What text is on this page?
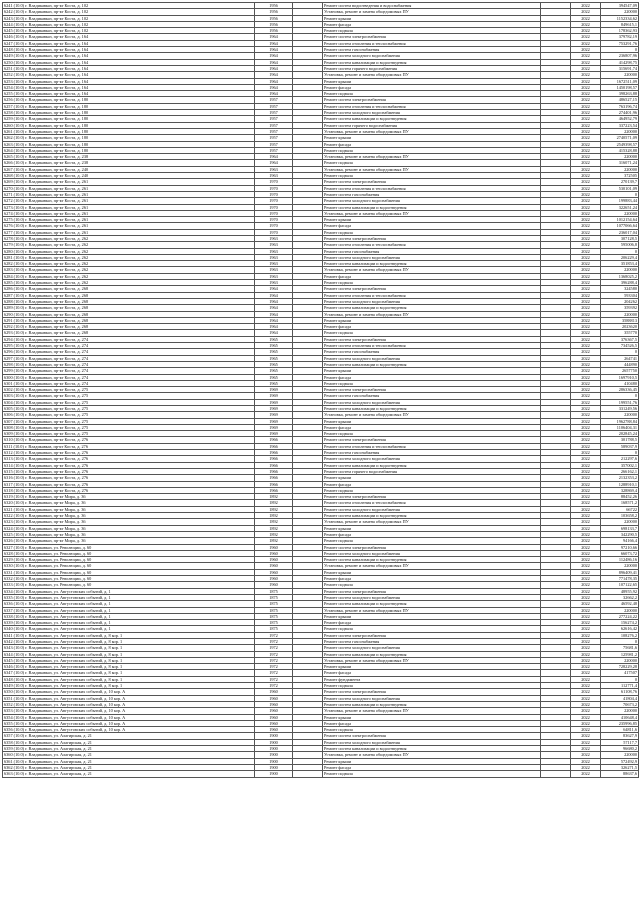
6241 (10.0) г. Владикавказ, пр-кт Коста, д. 102	1956		Ремонт систем водоотведения и водоснабжения		2022	394547,09
6242 (10.0) г. Владикавказ, пр-кт Коста, д. 102	1956		Установка, ремонт и замена общедомовых ПУ		2022	220000
6243 (10.0) г. Владикавказ, пр-кт Коста, д. 102	1956		Ремонт крыши		2022	1152334,62
6244 (10.0) г. Владикавказ, пр-кт Коста, д. 102	1956		Ремонт фасада		2022	849615,1
6245 (10.0) г. Владикавказ, пр-кт Коста, д. 102	1956		Ремонт подвала		2022	178362,93
6246 (10.0) г. Владикавказ, пр-кт Коста, д. 164	1964		Ремонт систем электроснабжения		2022	379782,19
6247 (10.0) г. Владикавказ, пр-кт Коста, д. 164	1964		Ремонт систем отопления и теплоснабжения		2022	753291,76
6248 (10.0) г. Владикавказ, пр-кт Коста, д. 164	1964		Ремонт систем газоснабжения		2022	0
6249 (10.0) г. Владикавказ, пр-кт Коста, д. 164	1964		Ремонт систем холодного водоснабжения		2022	236807,96
6250 (10.0) г. Владикавказ, пр-кт Коста, д. 164	1964		Ремонт систем канализации и водоотведения		2022	414298,75
6251 (10.0) г. Владикавказ, пр-кт Коста, д. 164	1964		Ремонт систем горячего водоснабжения		2022	315691,74
6252 (10.0) г. Владикавказ, пр-кт Коста, д. 164	1964		Установка, ремонт и замена общедомовых ПУ		2022	220000
6253 (10.0) г. Владикавказ, пр-кт Коста, д. 164	1964		Ремонт крыши		2022	1672511,09
6254 (10.0) г. Владикавказ, пр-кт Коста, д. 164	1964		Ремонт фасада		2022	1450198,57
6255 (10.0) г. Владикавказ, пр-кт Коста, д. 164	1964		Ремонт подвала		2022	398263,88
6256 (10.0) г. Владикавказ, пр-кт Коста, д. 180	1957		Ремонт систем электроснабжения		2022	486527,15
6257 (10.0) г. Владикавказ, пр-кт Коста, д. 180	1957		Ремонт систем отопления и теплоснабжения		2022	763196,74
6258 (10.0) г. Владикавказ, пр-кт Коста, д. 180	1957		Ремонт систем холодного водоснабжения		2022	274401,96
6259 (10.0) г. Владикавказ, пр-кт Коста, д. 180	1957		Ремонт систем канализации и водоотведения		2022	464952,79
6260 (10.0) г. Владикавказ, пр-кт Коста, д. 180	1957		Ремонт систем горячего водоснабжения		2022	337223,54
6261 (10.0) г. Владикавказ, пр-кт Коста, д. 180	1957		Установка, ремонт и замена общедомовых ПУ		2022	220000
6262 (10.0) г. Владикавказ, пр-кт Коста, д. 180	1957		Ремонт крыши		2022	2740571,09
6263 (10.0) г. Владикавказ, пр-кт Коста, д. 180	1957		Ремонт фасада		2022	2549398,57
6264 (10.0) г. Владикавказ, пр-кт Коста, д. 180	1957		Ремонт подвала		2022	415328,88
6265 (10.0) г. Владикавказ, пр-кт Коста, д. 238	1964		Установка, ремонт и замена общедомовых ПУ		2022	220000
6266 (10.0) г. Владикавказ, пр-кт Коста, д. 238	1964		Ремонт подвала		2022	316071,24
6267 (10.0) г. Владикавказ, пр-кт Коста, д. 240	1963		Установка, ремонт и замена общедомовых ПУ		2022	220000
6268 (10.0) г. Владикавказ, пр-кт Коста, д. 240	1963		Ремонт подвала		2022	372505
6269 (10.0) г. Владикавказ, пр-кт Коста, д. 261	1970		Ремонт систем электроснабжения		2022	270139,7
6270 (10.0) г. Владикавказ, пр-кт Коста, д. 261	1970		Ремонт систем отопления и теплоснабжения		2022	530101,09
6271 (10.0) г. Владикавказ, пр-кт Коста, д. 261	1970		Ремонт систем газоснабжения		2022	0
6272 (10.0) г. Владикавказ, пр-кт Коста, д. 261	1970		Ремонт систем холодного водоснабжения		2022	199883,44
6273 (10.0) г. Владикавказ, пр-кт Коста, д. 261	1970		Ремонт систем канализации и водоотведения		2022	322651,24
6274 (10.0) г. Владикавказ, пр-кт Коста, д. 261	1970		Установка, ремонт и замена общедомовых ПУ		2022	220000
6275 (10.0) г. Владикавказ, пр-кт Коста, д. 261	1970		Ремонт крыши		2022	1012154,64
6276 (10.0) г. Владикавказ, пр-кт Коста, д. 261	1970		Ремонт фасада		2022	1077066,64
6277 (10.0) г. Владикавказ, пр-кт Коста, д. 261	1970		Ремонт подвала		2022	236017,04
6278 (10.0) г. Владикавказ, пр-кт Коста, д. 262	1963		Ремонт систем электроснабжения		2022	307128,5
6279 (10.0) г. Владикавказ, пр-кт Коста, д. 262	1963		Ремонт систем отопления и теплоснабжения		2022	595006,8
6280 (10.0) г. Владикавказ, пр-кт Коста, д. 262	1963		Ремонт систем газоснабжения		2022	0
6281 (10.0) г. Владикавказ, пр-кт Коста, д. 262	1963		Ремонт систем холодного водоснабжения		2022	206229,4
6282 (10.0) г. Владикавказ, пр-кт Коста, д. 262	1963		Ремонт систем канализации и водоотведения		2022	351853,4
6283 (10.0) г. Владикавказ, пр-кт Коста, д. 262	1963		Установка, ремонт и замена общедомовых ПУ		2022	220000
6284 (10.0) г. Владикавказ, пр-кт Коста, д. 262	1963		Ремонт фасада		2022	1368025,2
6285 (10.0) г. Владикавказ, пр-кт Коста, д. 262	1963		Ремонт подвала		2022	396288,4
6286 (10.0) г. Владикавказ, пр-кт Коста, д. 268	1964		Ремонт систем электроснабжения		2022	324580
6287 (10.0) г. Владикавказ, пр-кт Коста, д. 268	1964		Ремонт систем отопления и теплоснабжения		2022	593304
6288 (10.0) г. Владикавказ, пр-кт Коста, д. 268	1964		Ремонт систем холодного водоснабжения		2022	204262
6289 (10.0) г. Владикавказ, пр-кт Коста, д. 268	1964		Ремонт систем канализации и водоотведения		2022	359392
6290 (10.0) г. Владикавказ, пр-кт Коста, д. 268	1964		Установка, ремонт и замена общедомовых ПУ		2022	220000
6291 (10.0) г. Владикавказ, пр-кт Коста, д. 268	1964		Ремонт крыши		2022	3588813
6292 (10.0) г. Владикавказ, пр-кт Коста, д. 268	1964		Ремонт фасада		2022	2023620
6293 (10.0) г. Владикавказ, пр-кт Коста, д. 268	1964		Ремонт подвала		2022	355770
6294 (10.0) г. Владикавказ, пр-кт Коста, д. 274	1965		Ремонт систем электроснабжения		2022	376367,5
6295 (10.0) г. Владикавказ, пр-кт Коста, д. 274	1965		Ремонт систем отопления и теплоснабжения		2022	734526,5
6296 (10.0) г. Владикавказ, пр-кт Коста, д. 274	1965		Ремонт систем газоснабжения		2022	0
6297 (10.0) г. Владикавказ, пр-кт Коста, д. 274	1965		Ремонт систем холодного водоснабжения		2022	264741
6298 (10.0) г. Владикавказ, пр-кт Коста, д. 274	1965		Ремонт систем канализации и водоотведения		2022	444890
6299 (10.0) г. Владикавказ, пр-кт Коста, д. 274	1965		Ремонт крыши		2022	2657750
6300 (10.0) г. Владикавказ, пр-кт Коста, д. 274	1965		Ремонт фасада		2022	1697910,5
6301 (10.0) г. Владикавказ, пр-кт Коста, д. 274	1965		Ремонт подвала		2022	410480
6302 (10.0) г. Владикавказ, пр-кт Коста, д. 275	1969		Ремонт систем электроснабжения		2022	286336,45
6303 (10.0) г. Владикавказ, пр-кт Коста, д. 275	1969		Ремонт систем газоснабжения		2022	0
6304 (10.0) г. Владикавказ, пр-кт Коста, д. 275	1969		Ремонт систем холодного водоснабжения		2022	199551,76
6305 (10.0) г. Владикавказ, пр-кт Коста, д. 275	1969		Ремонт систем канализации и водоотведения		2022	331249,56
6306 (10.0) г. Владикавказ, пр-кт Коста, д. 275	1969		Установка, ремонт и замена общедомовых ПУ		2022	220000
6307 (10.0) г. Владикавказ, пр-кт Коста, д. 275	1969		Ремонт крыши		2022	1962788,84
6308 (10.0) г. Владикавказ, пр-кт Коста, д. 275	1969		Ремонт фасада		2022	1106404,31
6309 (10.0) г. Владикавказ, пр-кт Коста, д. 275	1969		Ремонт подвала		2022	202845,24
6310 (10.0) г. Владикавказ, пр-кт Коста, д. 276	1966		Ремонт систем электроснабжения		2022	301788,5
6311 (10.0) г. Владикавказ, пр-кт Коста, д. 276	1966		Ремонт систем отопления и теплоснабжения		2022	589037,9
6312 (10.0) г. Владикавказ, пр-кт Коста, д. 276	1966		Ремонт систем газоснабжения		2022	0
6313 (10.0) г. Владикавказ, пр-кт Коста, д. 276	1966		Ремонт систем холодного водоснабжения		2022	212297,6
6314 (10.0) г. Владикавказ, пр-кт Коста, д. 276	1966		Ремонт систем канализации и водоотведения		2022	357002,1
6315 (10.0) г. Владикавказ, пр-кт Коста, д. 276	1966		Ремонт систем горячего водоснабжения		2022	266162,1
6316 (10.0) г. Владикавказ, пр-кт Коста, д. 276	1966		Ремонт крыши		2022	2132353,2
6317 (10.0) г. Владикавказ, пр-кт Коста, д. 276	1966		Ремонт фасада		2022	1288910,1
6318 (10.0) г. Владикавказ, пр-кт Коста, д. 276	1966		Ремонт подвала		2022	328869,4
6319 (10.0) г. Владикавказ, пр-кт Мира, д. 36	1892		Ремонт систем электроснабжения		2022	88452,26
6320 (10.0) г. Владикавказ, пр-кт Мира, д. 36	1892		Ремонт систем отопления и теплоснабжения		2022	168571,2
6321 (10.0) г. Владикавказ, пр-кт Мира, д. 36	1892		Ремонт систем холодного водоснабжения		2022	66722
6322 (10.0) г. Владикавказ, пр-кт Мира, д. 36	1892		Ремонт систем канализации и водоотведения		2022	103658,2
6323 (10.0) г. Владикавказ, пр-кт Мира, д. 36	1892		Установка, ремонт и замена общедомовых ПУ		2022	220000
6324 (10.0) г. Владикавказ, пр-кт Мира, д. 36	1892		Ремонт крыши		2022	698133,7
6325 (10.0) г. Владикавказ, пр-кт Мира, д. 36	1892		Ремонт фасада		2022	342290,5
6326 (10.0) г. Владикавказ, пр-кт Мира, д. 36	1892		Ремонт подвала		2022	94166,4
6327 (10.0) г. Владикавказ, ул. Революции, д. 60	1960		Ремонт систем электроснабжения		2022	97210,66
6328 (10.0) г. Владикавказ, ул. Революции, д. 60	1960		Ремонт систем холодного водоснабжения		2022	66073,72
6329 (10.0) г. Владикавказ, ул. Революции, д. 60	1960		Ремонт систем канализации и водоотведения		2022	112486,16
6330 (10.0) г. Владикавказ, ул. Революции, д. 60	1960		Установка, ремонт и замена общедомовых ПУ		2022	220000
6331 (10.0) г. Владикавказ, ул. Революции, д. 60	1960		Ремонт крыши		2022	896409,41
6332 (10.0) г. Владикавказ, ул. Революции, д. 60	1960		Ремонт фасада		2022	771478,35
6333 (10.0) г. Владикавказ, ул. Революции, д. 60	1960		Ремонт подвала		2022	107122,65
6334 (10.0) г. Владикавказ, ул. Августовских событий, д. 1	1875		Ремонт систем электроснабжения		2022	48955,92
6335 (10.0) г. Владикавказ, ул. Августовских событий, д. 1	1875		Ремонт систем холодного водоснабжения		2022	32662,2
6336 (10.0) г. Владикавказ, ул. Августовских событий, д. 1	1875		Ремонт систем канализации и водоотведения		2022	46592,48
6337 (10.0) г. Владикавказ, ул. Августовских событий, д. 1	1875		Установка, ремонт и замена общедомовых ПУ		2022	220000
6338 (10.0) г. Владикавказ, ул. Августовских событий, д. 1	1875		Ремонт крыши		2022	277224,22
6339 (10.0) г. Владикавказ, ул. Августовских событий, д. 1	1875		Ремонт фасада		2022	156274,2
6340 (10.0) г. Владикавказ, ул. Августовских событий, д. 1	1875		Ремонт подвала		2022	62616,42
6341 (10.0) г. Владикавказ, ул. Августовских событий, д. 8 кор. 1	1972		Ремонт систем электроснабжения		2022	108276,2
6342 (10.0) г. Владикавказ, ул. Августовских событий, д. 8 кор. 1	1972		Ремонт систем газоснабжения		2022	0
6343 (10.0) г. Владикавказ, ул. Августовских событий, д. 8 кор. 1	1972		Ремонт систем холодного водоснабжения		2022	75681,6
6344 (10.0) г. Владикавказ, ул. Августовских событий, д. 8 кор. 1	1972		Ремонт систем канализации и водоотведения		2022	125981,2
6345 (10.0) г. Владикавказ, ул. Августовских событий, д. 8 кор. 1	1972		Установка, ремонт и замена общедомовых ПУ		2022	220000
6346 (10.0) г. Владикавказ, ул. Августовских событий, д. 8 кор. 1	1972		Ремонт крыши		2022	728229,28
6347 (10.0) г. Владикавказ, ул. Августовских событий, д. 8 кор. 1	1972		Ремонт фасада		2022	417507
6348 (10.0) г. Владикавказ, ул. Августовских событий, д. 8 кор. 1	1972		Ремонт фундамента		2022	0
6349 (10.0) г. Владикавказ, ул. Августовских событий, д. 8 кор. 1	1972		Ремонт подвала		2022	112771,4
6350 (10.0) г. Владикавказ, ул. Августовских событий, д. 10 кор. А	1960		Ремонт систем электроснабжения		2022	61108,76
6351 (10.0) г. Владикавказ, ул. Августовских событий, д. 10 кор. А	1960		Ремонт систем холодного водоснабжения		2022	41804,4
6352 (10.0) г. Владикавказ, ул. Августовских событий, д. 10 кор. А	1960		Ремонт систем канализации и водоотведения		2022	70673,2
6353 (10.0) г. Владикавказ, ул. Августовских событий, д. 10 кор. А	1960		Установка, ремонт и замена общедомовых ПУ		2022	220000
6354 (10.0) г. Владикавказ, ул. Августовских событий, д. 10 кор. А	1960		Ремонт крыши		2022	410648,4
6355 (10.0) г. Владикавказ, ул. Августовских событий, д. 10 кор. А	1960		Ремонт фасада		2022	235996,85
6356 (10.0) г. Владикавказ, ул. Августовских событий, д. 10 кор. А	1960		Ремонт подвала		2022	64811,6
6357 (10.0) г. Владикавказ, ул. Алагирская, д. 21	1900		Ремонт систем электроснабжения		2022	83627,9
6358 (10.0) г. Владикавказ, ул. Алагирская, д. 21	1900		Ремонт систем холодного водоснабжения		2022	57117,7
6359 (10.0) г. Владикавказ, ул. Алагирская, д. 21	1900		Ремонт систем канализации и водоотведения		2022	96680,2
6360 (10.0) г. Владикавказ, ул. Алагирская, д. 21	1900		Установка, ремонт и замена общедомовых ПУ		2022	220000
6361 (10.0) г. Владикавказ, ул. Алагирская, д. 21	1900		Ремонт крыши		2022	572492,9
6362 (10.0) г. Владикавказ, ул. Алагирская, д. 21	1900		Ремонт фасада		2022	326271,5
6363 (10.0) г. Владикавказ, ул. Алагирская, д. 21	1900		Ремонт подвала		2022	88637,6
